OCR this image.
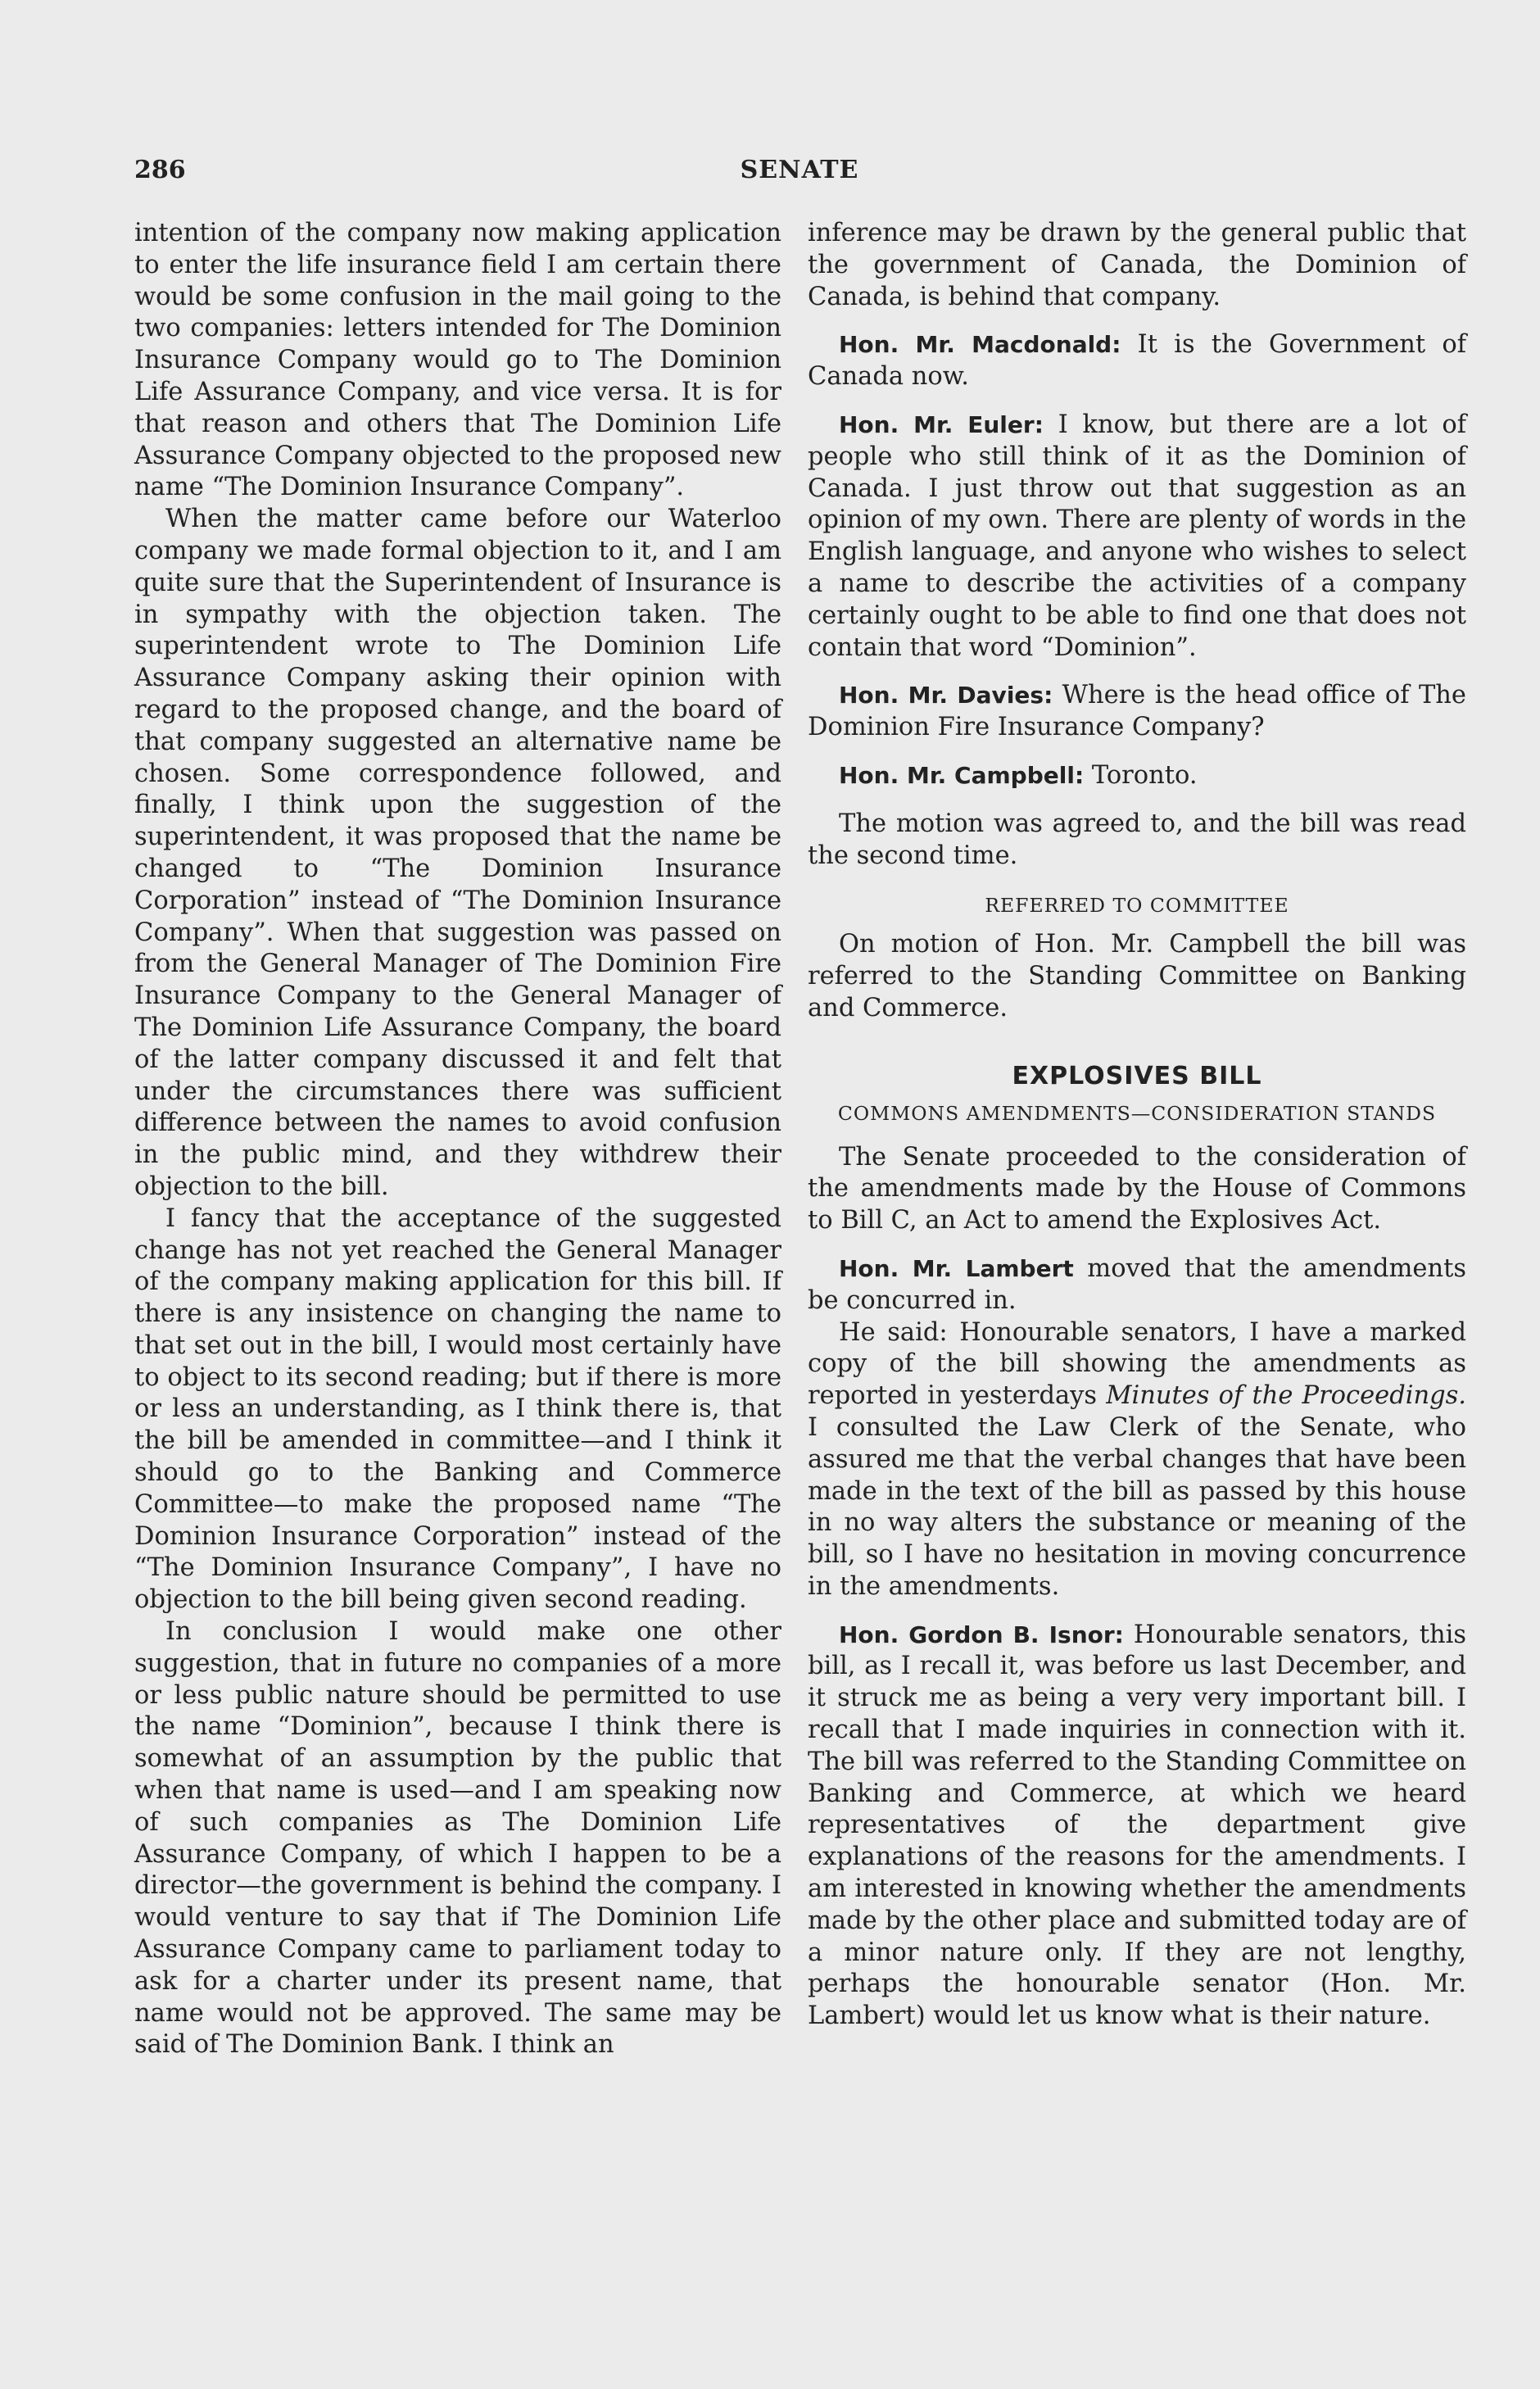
286	SENATE

intention of the company now making application to enter the life insurance field I am certain there would be some confusion in the mail going to the two companies: letters intended for The Dominion Insurance Company would go to The Dominion Life Assurance Company, and vice versa. It is for that reason and others that The Dominion Life Assurance Company objected to the proposed new name “The Dominion Insurance Company”.

When the matter came before our Waterloo company we made formal objection to it, and I am quite sure that the Superintendent of Insurance is in sympathy with the objection taken. The superintendent wrote to The Dominion Life Assurance Company asking their opinion with regard to the proposed change, and the board of that company suggested an alternative name be chosen. Some correspondence followed, and finally, I think upon the suggestion of the superintendent, it was proposed that the name be changed to “The Dominion Insurance Corporation” instead of “The Dominion Insurance Company”. When that suggestion was passed on from the General Manager of The Dominion Fire Insurance Company to the General Manager of The Dominion Life Assurance Company, the board of the latter company discussed it and felt that under the circumstances there was sufficient difference between the names to avoid confusion in the public mind, and they withdrew their objection to the bill.

I fancy that the acceptance of the suggested change has not yet reached the General Manager of the company making application for this bill. If there is any insistence on changing the name to that set out in the bill, I would most certainly have to object to its second reading; but if there is more or less an understanding, as I think there is, that the bill be amended in committee—and I think it should go to the Banking and Commerce Committee—to make the proposed name “The Dominion Insurance Corporation” instead of the “The Dominion Insurance Company”, I have no objection to the bill being given second reading.

In conclusion I would make one other suggestion, that in future no companies of a more or less public nature should be permitted to use the name “Dominion”, because I think there is somewhat of an assumption by the public that when that name is used—and I am speaking now of such companies as The Dominion Life Assurance Company, of which I happen to be a director—the government is behind the company. I would venture to say that if The Dominion Life Assurance Company came to parliament today to ask for a charter under its present name, that name would not be approved. The same may be said of The Dominion Bank. I think an

inference may be drawn by the general public that the government of Canada, the Dominion of Canada, is behind that company.

Hon. Mr. Macdonald: It is the Government of Canada now.

Hon. Mr. Euler: I know, but there are a lot of people who still think of it as the Dominion of Canada. I just throw out that suggestion as an opinion of my own. There are plenty of words in the English language, and anyone who wishes to select a name to describe the activities of a company certainly ought to be able to find one that does not contain that word “Dominion”.

Hon. Mr. Davies: Where is the head office of The Dominion Fire Insurance Company?

Hon. Mr. Campbell: Toronto.

The motion was agreed to, and the bill was read the second time.

REFERRED TO COMMITTEE

On motion of Hon. Mr. Campbell the bill was referred to the Standing Committee on Banking and Commerce.

EXPLOSIVES BILL
COMMONS AMENDMENTS—CONSIDERATION STANDS

The Senate proceeded to the consideration of the amendments made by the House of Commons to Bill C, an Act to amend the Explosives Act.

Hon. Mr. Lambert moved that the amendments be concurred in.

He said: Honourable senators, I have a marked copy of the bill showing the amendments as reported in yesterdays Minutes of the Proceedings. I consulted the Law Clerk of the Senate, who assured me that the verbal changes that have been made in the text of the bill as passed by this house in no way alters the substance or meaning of the bill, so I have no hesitation in moving concurrence in the amendments.

Hon. Gordon B. Isnor: Honourable senators, this bill, as I recall it, was before us last December, and it struck me as being a very very important bill. I recall that I made inquiries in connection with it. The bill was referred to the Standing Committee on Banking and Commerce, at which we heard representatives of the department give explanations of the reasons for the amendments. I am interested in knowing whether the amendments made by the other place and submitted today are of a minor nature only. If they are not lengthy, perhaps the honourable senator (Hon. Mr. Lambert) would let us know what is their nature.
